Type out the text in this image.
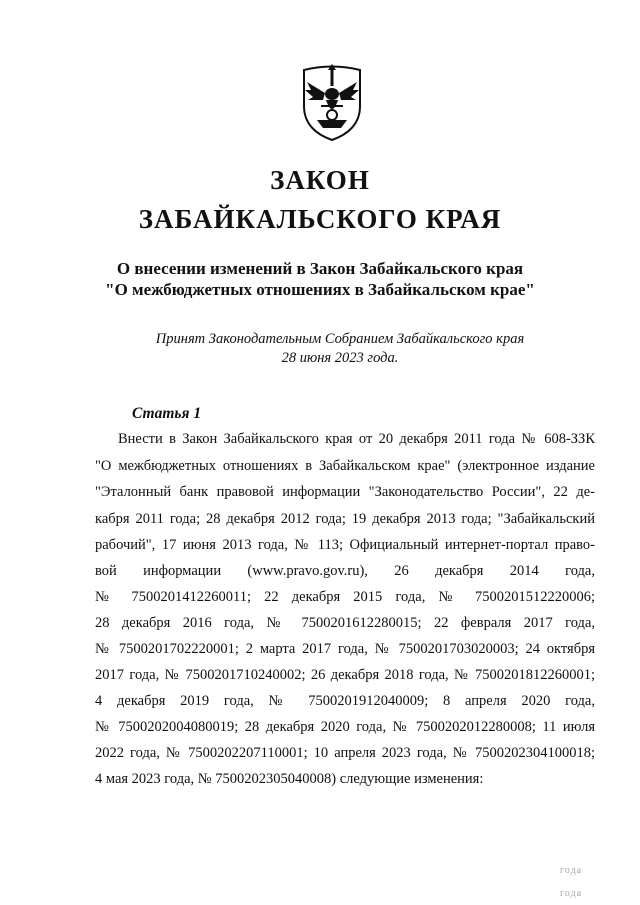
ЗАКОН
ЗАБАЙКАЛЬСКОГО КРАЯ
О внесении изменений в Закон Забайкальского края
"О межбюджетных отношениях в Забайкальском крае"
Принят Законодательным Собранием Забайкальского края
28 июня 2023 года.
Статья 1
Внести в Закон Забайкальского края от 20 декабря 2011 года № 608-ЗЗК
"О межбюджетных отношениях в Забайкальском крае" (электронное издание
"Эталонный банк правовой информации "Законодательство России", 22 де-
кабря 2011 года; 28 декабря 2012 года; 19 декабря 2013 года; "Забайкальский
рабочий", 17 июня 2013 года, № 113; Официальный интернет-портал право-
вой информации (www.pravo.gov.ru), 26 декабря 2014 года,
№ 7500201412260011; 22 декабря 2015 года, № 7500201512220006;
28 декабря 2016 года, № 7500201612280015; 22 февраля 2017 года,
№ 7500201702220001; 2 марта 2017 года, № 7500201703020003; 24 октября
2017 года, № 7500201710240002; 26 декабря 2018 года, № 7500201812260001;
4 декабря 2019 года, № 7500201912040009; 8 апреля 2020 года,
№ 7500202004080019; 28 декабря 2020 года, № 7500202012280008; 11 июля
2022 года, № 7500202207110001; 10 апреля 2023 года, № 7500202304100018;
4 мая 2023 года, № 7500202305040008) следующие изменения:
года
года
